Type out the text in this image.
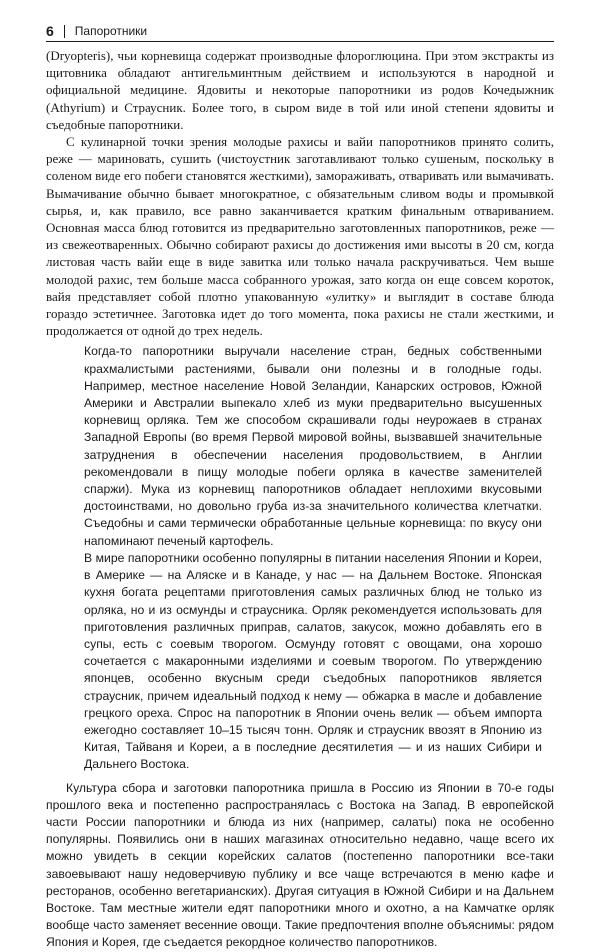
6 Папоротники

(Dryopteris), чьи корневища содержат производные флороглюцина. При этом экстракты из щитовника обладают антигельминтным действием и используются в народной и официальной медицине. Ядовиты и некоторые папоротники из родов Кочедыжник (Athyrium) и Страусник. Более того, в сыром виде в той или иной степени ядовиты и съедобные папоротники.

С кулинарной точки зрения молодые рахисы и вайи папоротников принято солить, реже — мариновать, сушить (чистоустник заготавливают только сушеным, поскольку в соленом виде его побеги становятся жесткими), замораживать, отваривать или вымачивать. Вымачивание обычно бывает многократное, с обязательным сливом воды и промывкой сырья, и, как правило, все равно заканчивается кратким финальным отвариванием. Основная масса блюд готовится из предварительно заготовленных папоротников, реже — из свежеотваренных. Обычно собирают рахисы до достижения ими высоты в 20 см, когда листовая часть вайи еще в виде завитка или только начала раскручиваться. Чем выше молодой рахис, тем больше масса собранного урожая, зато когда он еще совсем короток, вайя представляет собой плотно упакованную «улитку» и выглядит в составе блюда гораздо эстетичнее. Заготовка идет до того момента, пока рахисы не стали жесткими, и продолжается от одной до трех недель.

Когда-то папоротники выручали население стран, бедных собственными крахмалистыми растениями, бывали они полезны и в голодные годы. Например, местное население Новой Зеландии, Канарских островов, Южной Америки и Австралии выпекало хлеб из муки предварительно высушенных корневищ орляка. Тем же способом скрашивали годы неурожаев в странах Западной Европы (во время Первой мировой войны, вызвавшей значительные затруднения в обеспечении населения продовольствием, в Англии рекомендовали в пищу молодые побеги орляка в качестве заменителей спаржи). Мука из корневищ папоротников обладает неплохими вкусовыми достоинствами, но довольно груба из-за значительного количества клетчатки. Съедобны и сами термически обработанные цельные корневища: по вкусу они напоминают печеный картофель.

В мире папоротники особенно популярны в питании населения Японии и Кореи, в Америке — на Аляске и в Канаде, у нас — на Дальнем Востоке. Японская кухня богата рецептами приготовления самых различных блюд не только из орляка, но и из осмунды и страусника. Орляк рекомендуется использовать для приготовления различных приправ, салатов, закусок, можно добавлять его в супы, есть с соевым творогом. Осмунду готовят с овощами, она хорошо сочетается с макаронными изделиями и соевым творогом. По утверждению японцев, особенно вкусным среди съедобных папоротников является страусник, причем идеальный подход к нему — обжарка в масле и добавление грецкого ореха. Спрос на папоротник в Японии очень велик — объем импорта ежегодно составляет 10–15 тысяч тонн. Орляк и страусник ввозят в Японию из Китая, Тайваня и Кореи, а в последние десятилетия — и из наших Сибири и Дальнего Востока.

Культура сбора и заготовки папоротника пришла в Россию из Японии в 70-е годы прошлого века и постепенно распространялась с Востока на Запад. В европейской части России папоротники и блюда из них (например, салаты) пока не особенно популярны. Появились они в наших магазинах относительно недавно, чаще всего их можно увидеть в секции корейских салатов (постепенно папоротники все-таки завоевывают нашу недоверчивую публику и все чаще встречаются в меню кафе и ресторанов, особенно вегетарианских). Другая ситуация в Южной Сибири и на Дальнем Востоке. Там местные жители едят папоротники много и охотно, а на Камчатке орляк вообще часто заменяет весенние овощи. Такие предпочтения вполне объяснимы: рядом Япония и Корея, где съедается рекордное количество папоротников.
